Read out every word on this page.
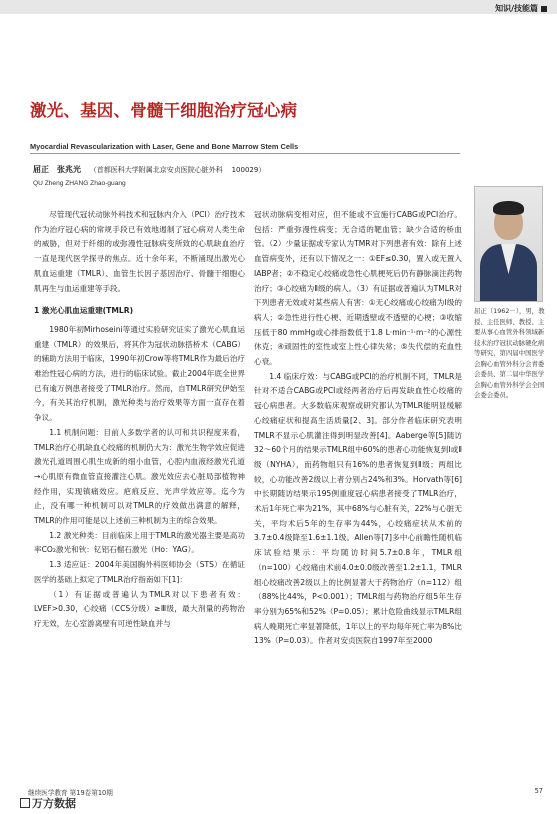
知识/技能篇
激光、基因、骨髓干细胞治疗冠心病
Myocardial Revascularization with Laser, Gene and Bone Marrow Stem Cells
屈正　张兆光 （首都医科大学附属北京安贞医院心脏外科 100029）
QU Zheng ZHANG Zhao-guang
屈正（1962－），男，教授、主任医师、教授、主要从事心血管外科领域新技术治疗冠状动脉硬化病等研究，第四届中国医学会胸心血管外科分会青委会委员、第二届中华医学会胸心血管外科学会全国会委会委员。

尽管现代冠状动脉外科技术和冠脉内介入（PCI）治疗技术作为治疗冠心病的常规手段已有效地遏制了冠心病对人类生命的威胁，但对于纤细的或弥漫性冠脉病变所致的心肌缺血治疗一直是现代医学探寻的焦点。近十余年来，不断涌现出激光心肌血运重建（TMLR）、血管生长因子基因治疗、骨髓干细胞心肌再生与血运重建等手段。

1 激光心肌血运重建(TMLR)

1980年初Mirhoseini等通过实验研究证实了激光心肌血运重建（TMLR）的效果后，将其作为冠状动脉搭桥术（CABG）的辅助方法用于临床，1990年初Crow等将TMLR作为最后治疗难治性冠心病的方法，进行的临床试验。截止2004年底全世界已有逾万例患者接受了TMLR治疗。然而，自TMLR研究伊始至今，有关其治疗机制，激光种类与治疗效果等方面一直存在着争议。

1.1 机制问题：目前人多数学者的认可和共识程度来看，TMLR治疗心肌缺血心绞痛的机制仍大为：激光生物学效应促进激光孔道周围心肌生成新的细小血管，心腔内血液经激光孔道→心肌原有微血管直接灌注心肌。激光效应去心脏局部植物神经作用，实现镇痛效应。疤痕反应、光声学效应等。迄今为止，没有哪一种机制可以对TMLR的疗效做出满意的解释，TMLR的作用可能是以上述前三种机制为主的综合效果。

1.2 激光种类：目前临床上用于TMLR的激光器主要是高功率CO₂激光和钬：钇铝石榴石激光（Ho：YAG）。

1.3 适应证：2004年美国胸外科医师协会（STS）在循证医学的基础上拟定了TMLR治疗指南如下[1]：

（1）有证据或普遍认为TMLR对以下患者有效：LVEF>0.30，心绞痛（CCS分级）≥Ⅲ级，最大剂量的药物治疗无效，左心室游离壁有可逆性缺血并与

冠状动脉病变相对应，但不能或不宜施行CABG或PCI治疗。包括：严重弥漫性病变；无合适的靶血管；缺少合适的桥血管。（2）少量证据或专家认为TMR对下列患者有效：除有上述血管病变外，还有以下情况之一：①EF≤0.30，置入或无置入IABP者；②不稳定心绞痛或急性心肌梗死后仍有静脉滴注药物治疗；③心绞痛为Ⅱ级的病人。（3）有证据或普遍认为TMLR对下列患者无效或对某些病人有害：①无心绞痛或心绞痛为Ⅰ级的病人；②急性进行性心梗、近期透壁或不透壁的心梗；③收缩压低于80 mmHg或心排指数低于1.8 L·min⁻¹·m⁻²的心源性休克；④顽固性的室性或室上性心律失常；⑤失代偿的充血性心衰。

1.4 临床疗效：与CABG或PCI的治疗机制不同，TMLR是针对不适合CABG或PCI或经两者治疗后再发缺血性心绞痛的冠心病患者。大多数临床观察或研究都认为TMLR能明显缓解心绞痛症状和提高生活质量[2、3]。部分作者临床研究表明TMLR不显示心肌灌注得到明显改善[4]。Aaberge等[5]随访32～60个月的结果示TMLR组中60%的患者心功能恢复到Ⅰ或Ⅱ级（NYHA），而药物组只有16%的患者恢复到Ⅱ级；两组比较，心功能改善2级以上者分别占24%和3%。Horvath等[6]中长期随访结果示195例重度冠心病患者接受了TMLR治疗，术后1年死亡率为21%，其中68%与心脏有关，22%与心脏无关，平均术后5年的生存率为44%，心绞痛症状从术前的3.7±0.4级降至1.6±1.1级。Allen等[7]多中心前瞻性随机临床试验结果示：平均随访时间5.7±0.8年，TMLR组（n=100）心绞痛由术前4.0±0.0级改善至1.2±1.1，TMLR组心绞痛改善2级以上的比例显著大于药物治疗（n=112）组（88%比44%，P<0.001）；TMLR组与药物治疗组5年生存率分别为65%和52%（P=0.05）；累计危险曲线显示TMLR组病人晚期死亡率显著降低，1年以上的平均每年死亡率为8%比13%（P=0.03）。作者对安贞医院自1997年至2000

继续医学教育 第19卷第10期
万方数据
57
